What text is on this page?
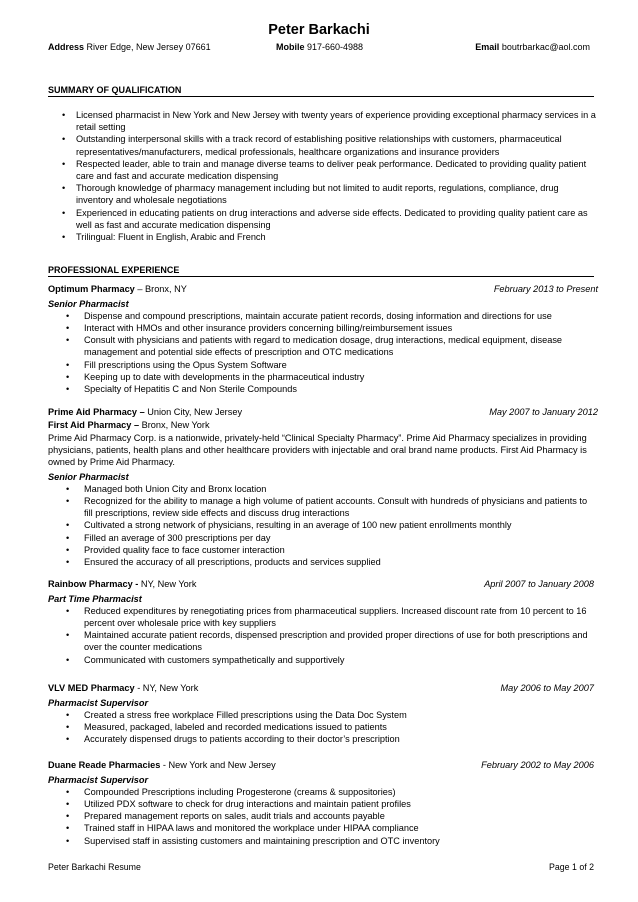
Peter Barkachi
Address River Edge, New Jersey 07661	Mobile 917-660-4988	Email boutrbarkac@aol.com
SUMMARY OF QUALIFICATION
• Licensed pharmacist in New York and New Jersey with twenty years of experience providing exceptional pharmacy services in a retail setting
• Outstanding interpersonal skills with a track record of establishing positive relationships with customers, pharmaceutical representatives/manufacturers, medical professionals, healthcare organizations and insurance providers
• Respected leader, able to train and manage diverse teams to deliver peak performance. Dedicated to providing quality patient care and fast and accurate medication dispensing
• Thorough knowledge of pharmacy management including but not limited to audit reports, regulations, compliance, drug inventory and wholesale negotiations
• Experienced in educating patients on drug interactions and adverse side effects. Dedicated to providing quality patient care as well as fast and accurate medication dispensing
• Trilingual: Fluent in English, Arabic and French
PROFESSIONAL EXPERIENCE
Optimum Pharmacy – Bronx, NY	February 2013 to Present
Senior Pharmacist
• Dispense and compound prescriptions, maintain accurate patient records, dosing information and directions for use
• Interact with HMOs and other insurance providers concerning billing/reimbursement issues
• Consult with physicians and patients with regard to medication dosage, drug interactions, medical equipment, disease management and potential side effects of prescription and OTC medications
• Fill prescriptions using the Opus System Software
• Keeping up to date with developments in the pharmaceutical industry
• Specialty of Hepatitis C and Non Sterile Compounds
Prime Aid Pharmacy – Union City, New Jersey	May 2007 to January 2012
First Aid Pharmacy – Bronx, New York
Prime Aid Pharmacy Corp. is a nationwide, privately-held “Clinical Specialty Pharmacy”. Prime Aid Pharmacy specializes in providing physicians, patients, health plans and other healthcare providers with injectable and oral brand name products. First Aid Pharmacy is owned by Prime Aid Pharmacy.
Senior Pharmacist
• Managed both Union City and Bronx location
• Recognized for the ability to manage a high volume of patient accounts. Consult with hundreds of physicians and patients to fill prescriptions, review side effects and discuss drug interactions
• Cultivated a strong network of physicians, resulting in an average of 100 new patient enrollments monthly
• Filled an average of 300 prescriptions per day
• Provided quality face to face customer interaction
• Ensured the accuracy of all prescriptions, products and services supplied
Rainbow Pharmacy - NY, New York	April 2007 to January 2008
Part Time Pharmacist
• Reduced expenditures by renegotiating prices from pharmaceutical suppliers. Increased discount rate from 10 percent to 16 percent over wholesale price with key suppliers
• Maintained accurate patient records, dispensed prescription and provided proper directions of use for both prescriptions and over the counter medications
• Communicated with customers sympathetically and supportively
VLV MED Pharmacy - NY, New York	May 2006 to May 2007
Pharmacist Supervisor
• Created a stress free workplace Filled prescriptions using the Data Doc System
• Measured, packaged, labeled and recorded medications issued to patients
• Accurately dispensed drugs to patients according to their doctor’s prescription
Duane Reade Pharmacies - New York and New Jersey	February 2002 to May 2006
Pharmacist Supervisor
• Compounded Prescriptions including Progesterone (creams & suppositories)
• Utilized PDX software to check for drug interactions and maintain patient profiles
• Prepared management reports on sales, audit trials and accounts payable
• Trained staff in HIPAA laws and monitored the workplace under HIPAA compliance
• Supervised staff in assisting customers and maintaining prescription and OTC inventory
Peter Barkachi Resume	Page 1 of 2
